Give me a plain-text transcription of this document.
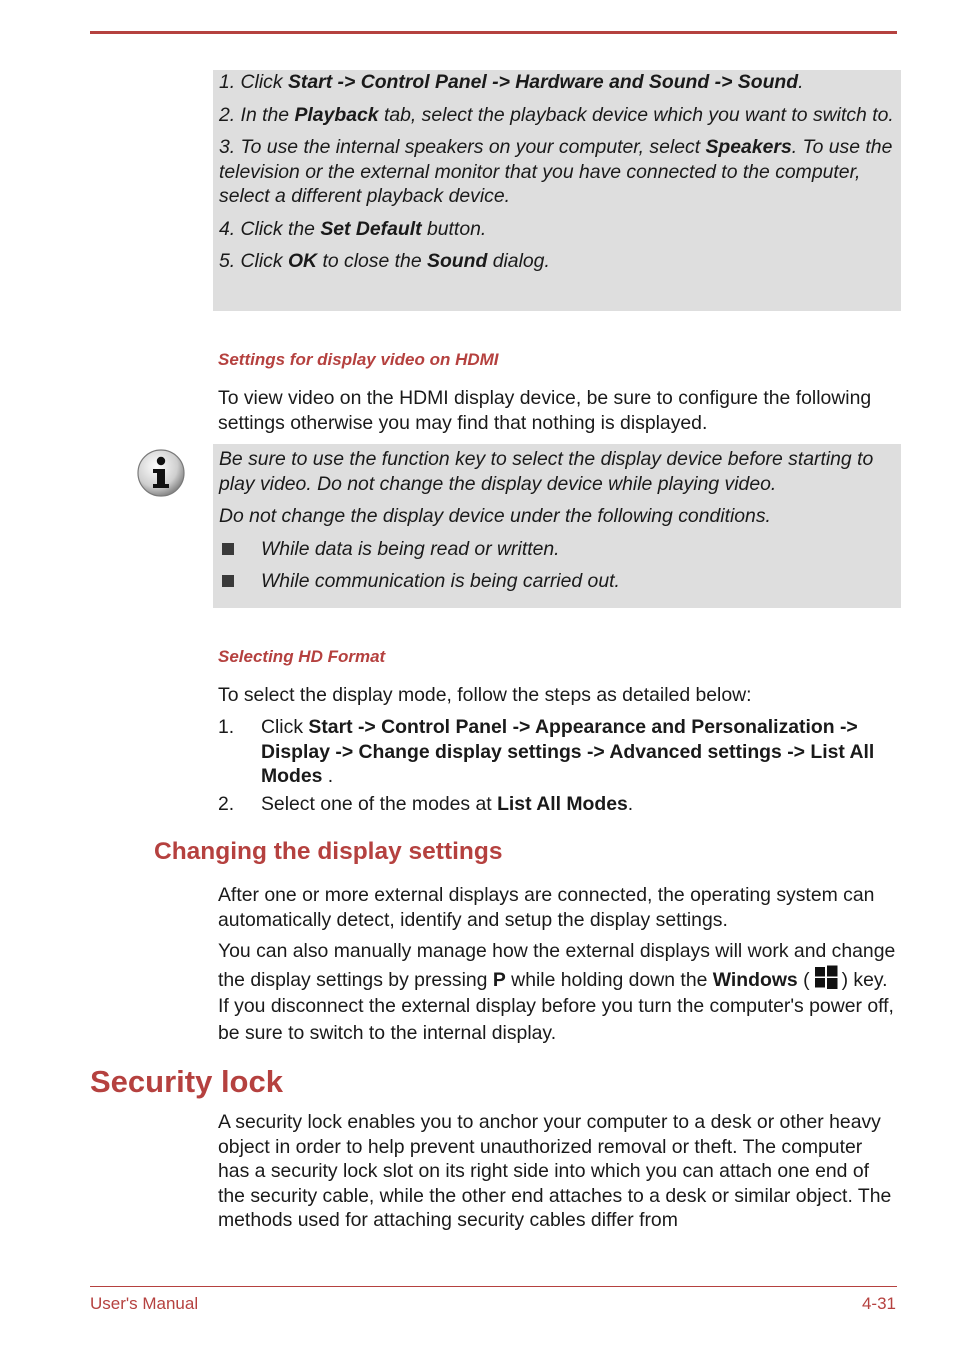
1. Click Start -> Control Panel -> Hardware and Sound -> Sound.

2. In the Playback tab, select the playback device which you want to switch to.

3. To use the internal speakers on your computer, select Speakers. To use the television or the external monitor that you have connected to the computer, select a different playback device.

4. Click the Set Default button.

5. Click OK to close the Sound dialog.

Settings for display video on HDMI

To view video on the HDMI display device, be sure to configure the following settings otherwise you may find that nothing is displayed.

Be sure to use the function key to select the display device before starting to play video. Do not change the display device while playing video.

Do not change the display device under the following conditions.

While data is being read or written.
While communication is being carried out.
Selecting HD Format

To select the display mode, follow the steps as detailed below:

1. Click Start -> Control Panel -> Appearance and Personalization -> Display -> Change display settings -> Advanced settings -> List All Modes .
2. Select one of the modes at List All Modes.
Changing the display settings

After one or more external displays are connected, the operating system can automatically detect, identify and setup the display settings.

You can also manually manage how the external displays will work and change the display settings by pressing P while holding down the Windows ( ) key. If you disconnect the external display before you turn the computer's power off, be sure to switch to the internal display.

Security lock

A security lock enables you to anchor your computer to a desk or other heavy object in order to help prevent unauthorized removal or theft. The computer has a security lock slot on its right side into which you can attach one end of the security cable, while the other end attaches to a desk or similar object. The methods used for attaching security cables differ from

User's Manual	4-31
